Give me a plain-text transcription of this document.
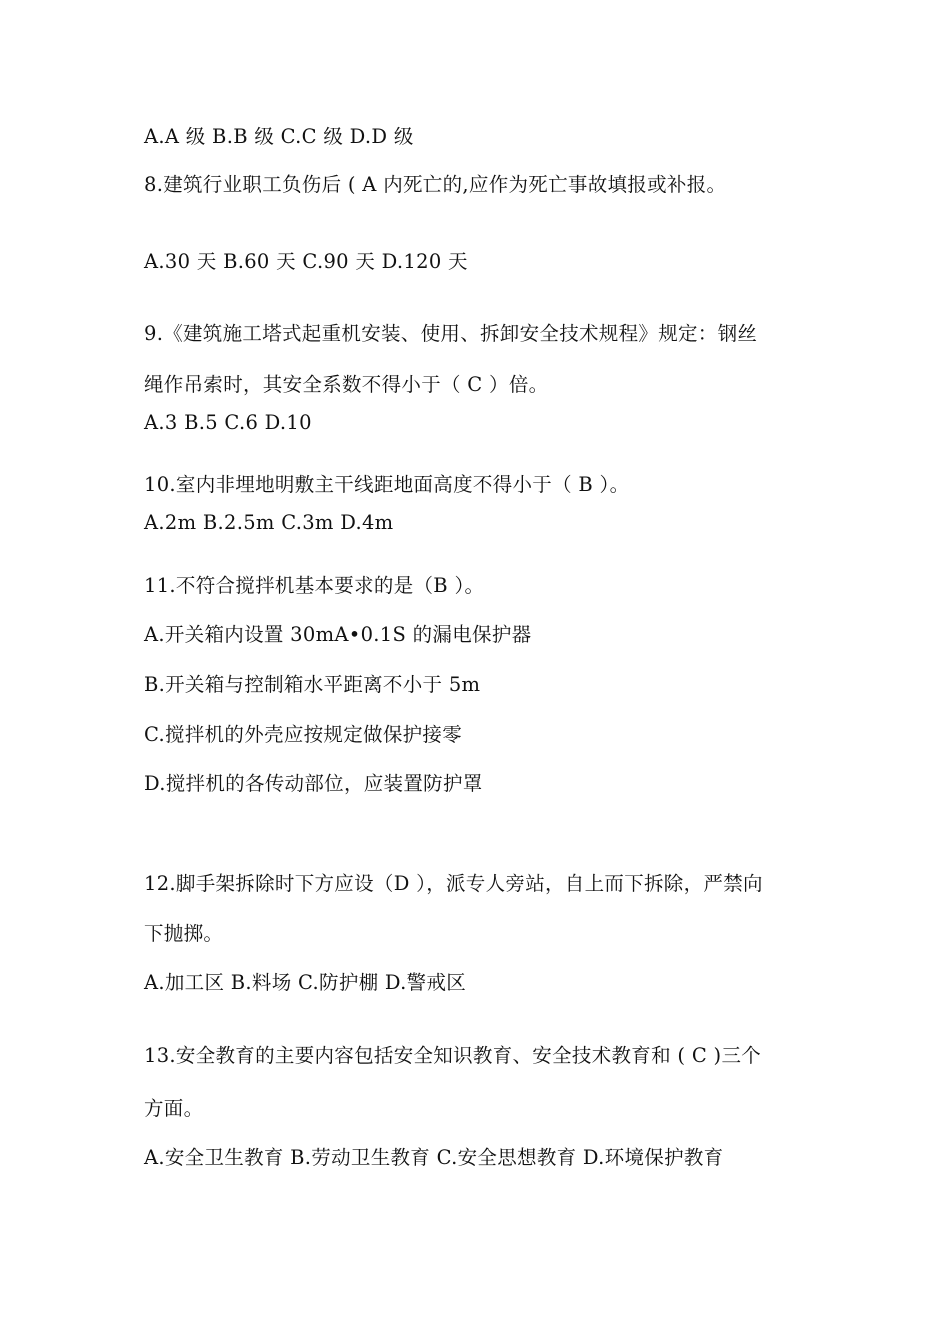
A.A 级 B.B 级 C.C 级 D.D 级
8.建筑行业职工负伤后 ( A 内死亡的,应作为死亡事故填报或补报。
A.30 天 B.60 天 C.90 天 D.120 天
9.《建筑施工塔式起重机安装、使用、拆卸安全技术规程》规定：钢丝
绳作吊索时，其安全系数不得小于（ C ）倍。
A.3 B.5 C.6 D.10
10.室内非埋地明敷主干线距地面高度不得小于（ B ）。
A.2m B.2.5m C.3m D.4m
11.不符合搅拌机基本要求的是（B ）。
A.开关箱内设置 30mA•0.1S 的漏电保护器
B.开关箱与控制箱水平距离不小于 5m
C.搅拌机的外壳应按规定做保护接零
D.搅拌机的各传动部位，应装置防护罩
12.脚手架拆除时下方应设（D ），派专人旁站，自上而下拆除，严禁向
下抛掷。
A.加工区 B.料场 C.防护棚 D.警戒区
13.安全教育的主要内容包括安全知识教育、安全技术教育和 ( C )三个
方面。
A.安全卫生教育 B.劳动卫生教育 C.安全思想教育 D.环境保护教育
